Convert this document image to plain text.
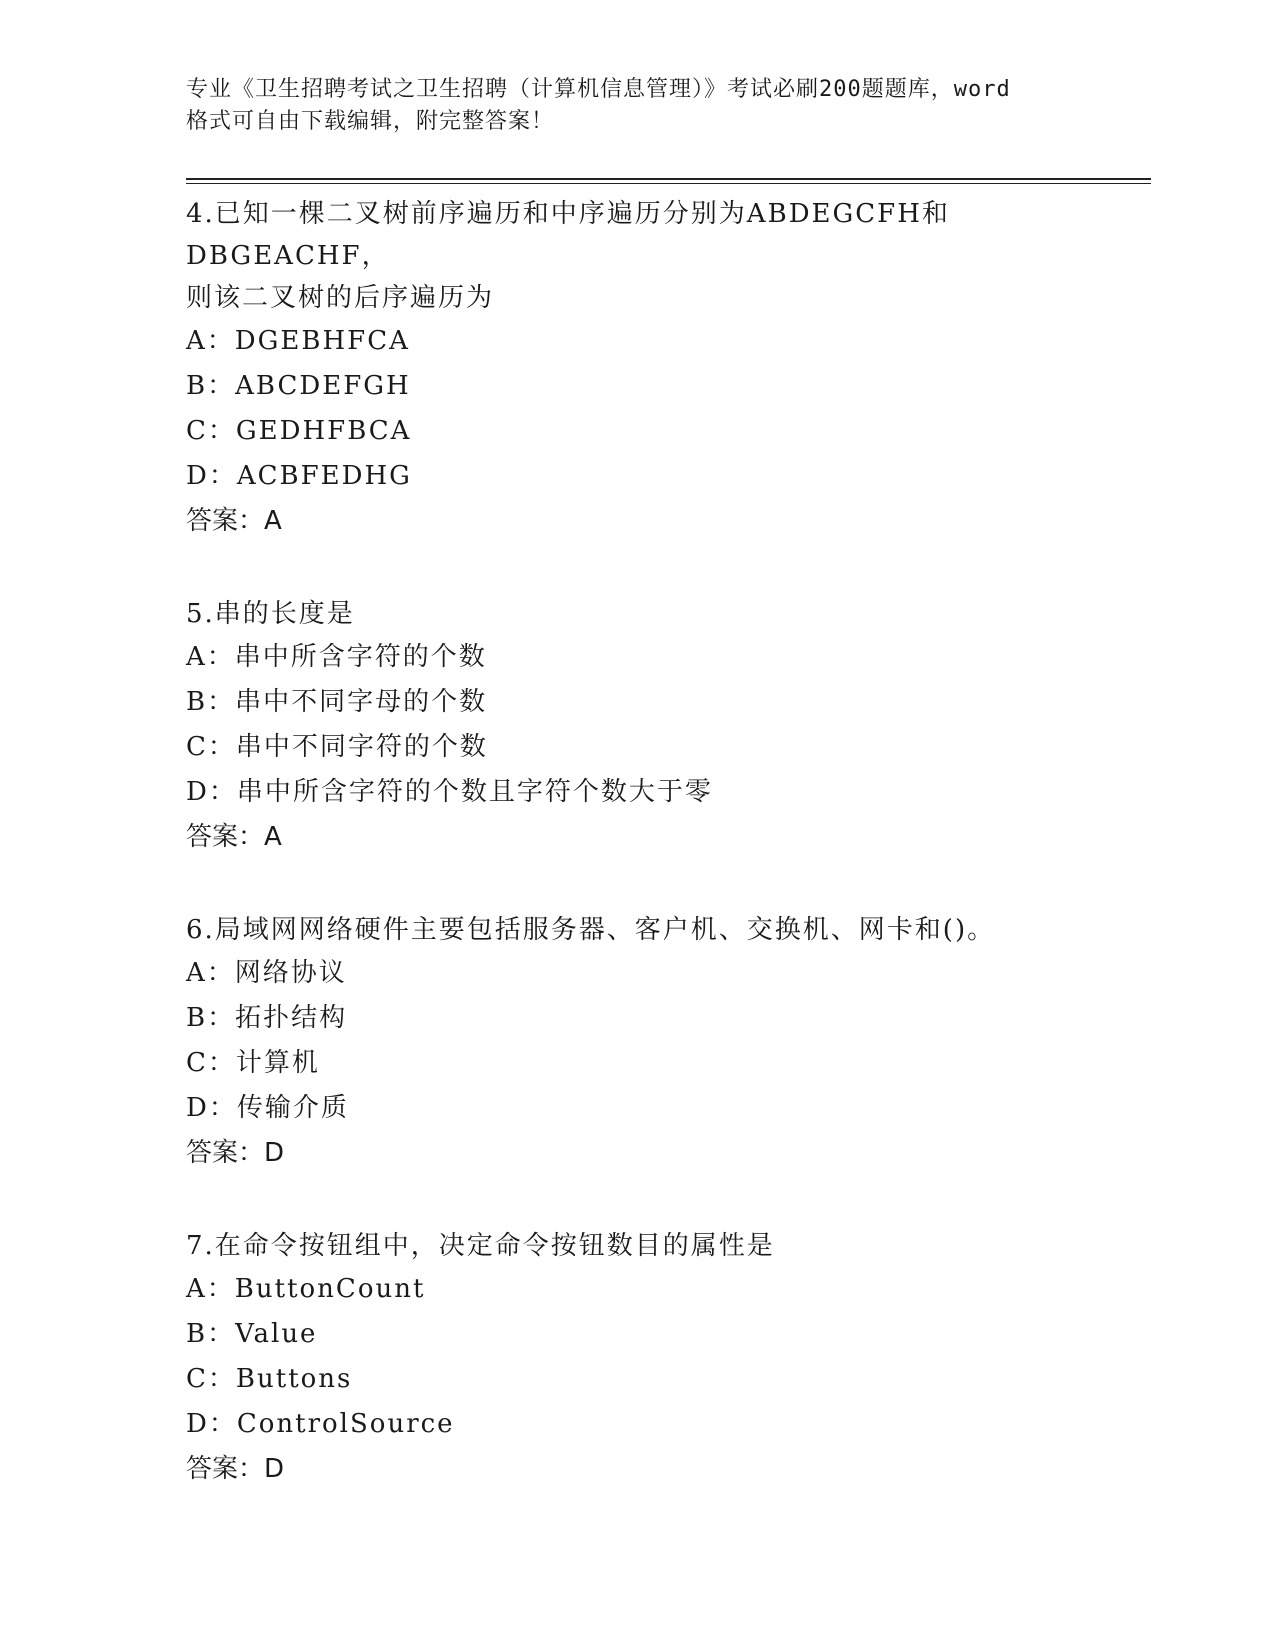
专业《卫生招聘考试之卫生招聘（计算机信息管理）》考试必刷200题题库，word
格式可自由下载编辑，附完整答案！

4.已知一棵二叉树前序遍历和中序遍历分别为ABDEGCFH和DBGEACHF，

则该二叉树的后序遍历为

A：DGEBHFCA

B：ABCDEFGH

C：GEDHFBCA

D：ACBFEDHG

答案：A

5.串的长度是

A：串中所含字符的个数

B：串中不同字母的个数

C：串中不同字符的个数

D：串中所含字符的个数且字符个数大于零

答案：A

6.局域网网络硬件主要包括服务器、客户机、交换机、网卡和()。

A：网络协议

B：拓扑结构

C：计算机

D：传输介质

答案：D

7.在命令按钮组中，决定命令按钮数目的属性是

A：ButtonCount

B：Value

C：Buttons

D：ControlSource

答案：D
